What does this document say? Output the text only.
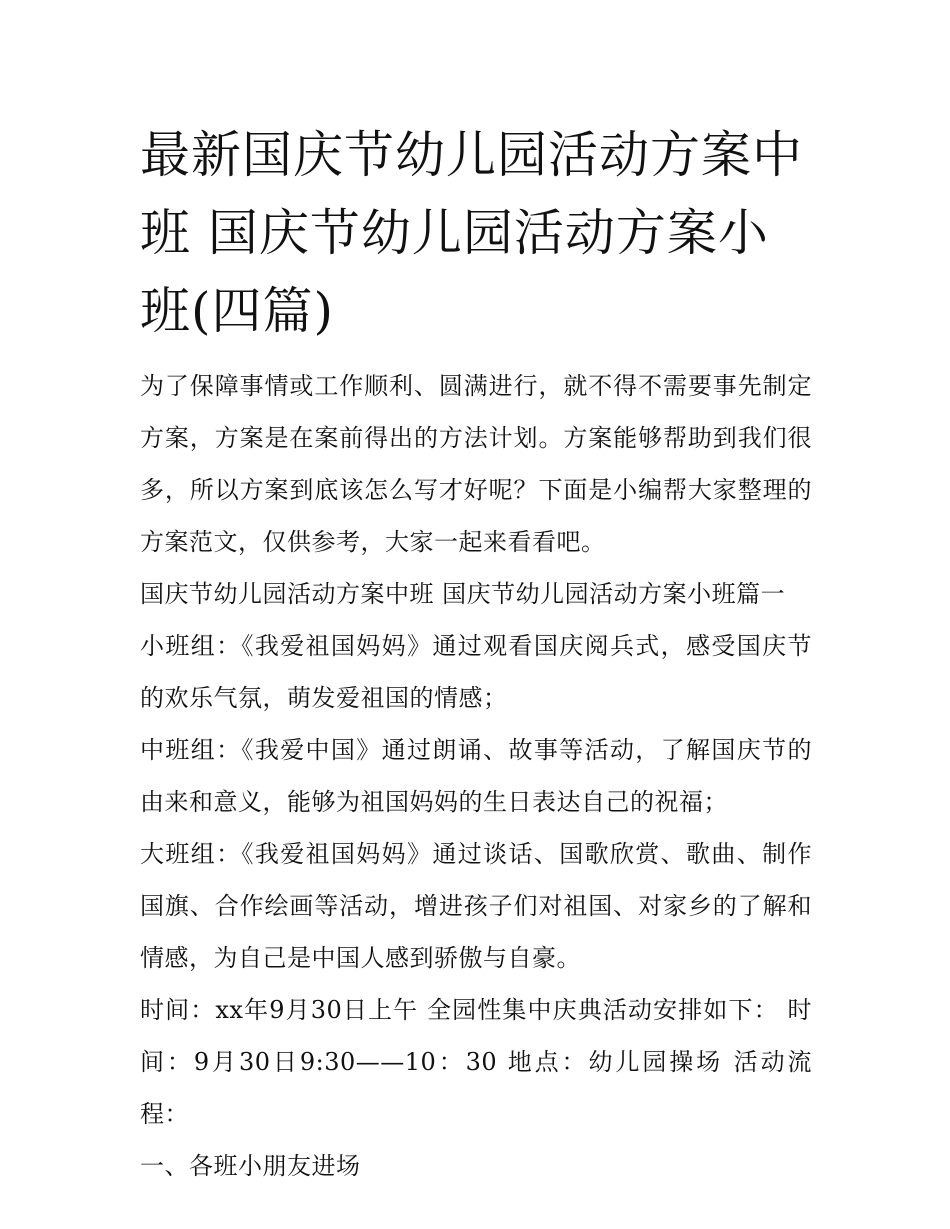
最新国庆节幼儿园活动方案中班 国庆节幼儿园活动方案小班(四篇)

为了保障事情或工作顺利、圆满进行，就不得不需要事先制定方案，方案是在案前得出的方法计划。方案能够帮助到我们很多，所以方案到底该怎么写才好呢？下面是小编帮大家整理的方案范文，仅供参考，大家一起来看看吧。

国庆节幼儿园活动方案中班 国庆节幼儿园活动方案小班篇一

小班组：《我爱祖国妈妈》通过观看国庆阅兵式，感受国庆节的欢乐气氛，萌发爱祖国的情感；

中班组：《我爱中国》通过朗诵、故事等活动，了解国庆节的由来和意义，能够为祖国妈妈的生日表达自己的祝福；

大班组：《我爱祖国妈妈》通过谈话、国歌欣赏、歌曲、制作国旗、合作绘画等活动，增进孩子们对祖国、对家乡的了解和情感，为自己是中国人感到骄傲与自豪。

时间：xx年9月30日上午 全园性集中庆典活动安排如下： 时间：9月30日9:30——10：30 地点：幼儿园操场 活动流程：

一、各班小朋友进场
